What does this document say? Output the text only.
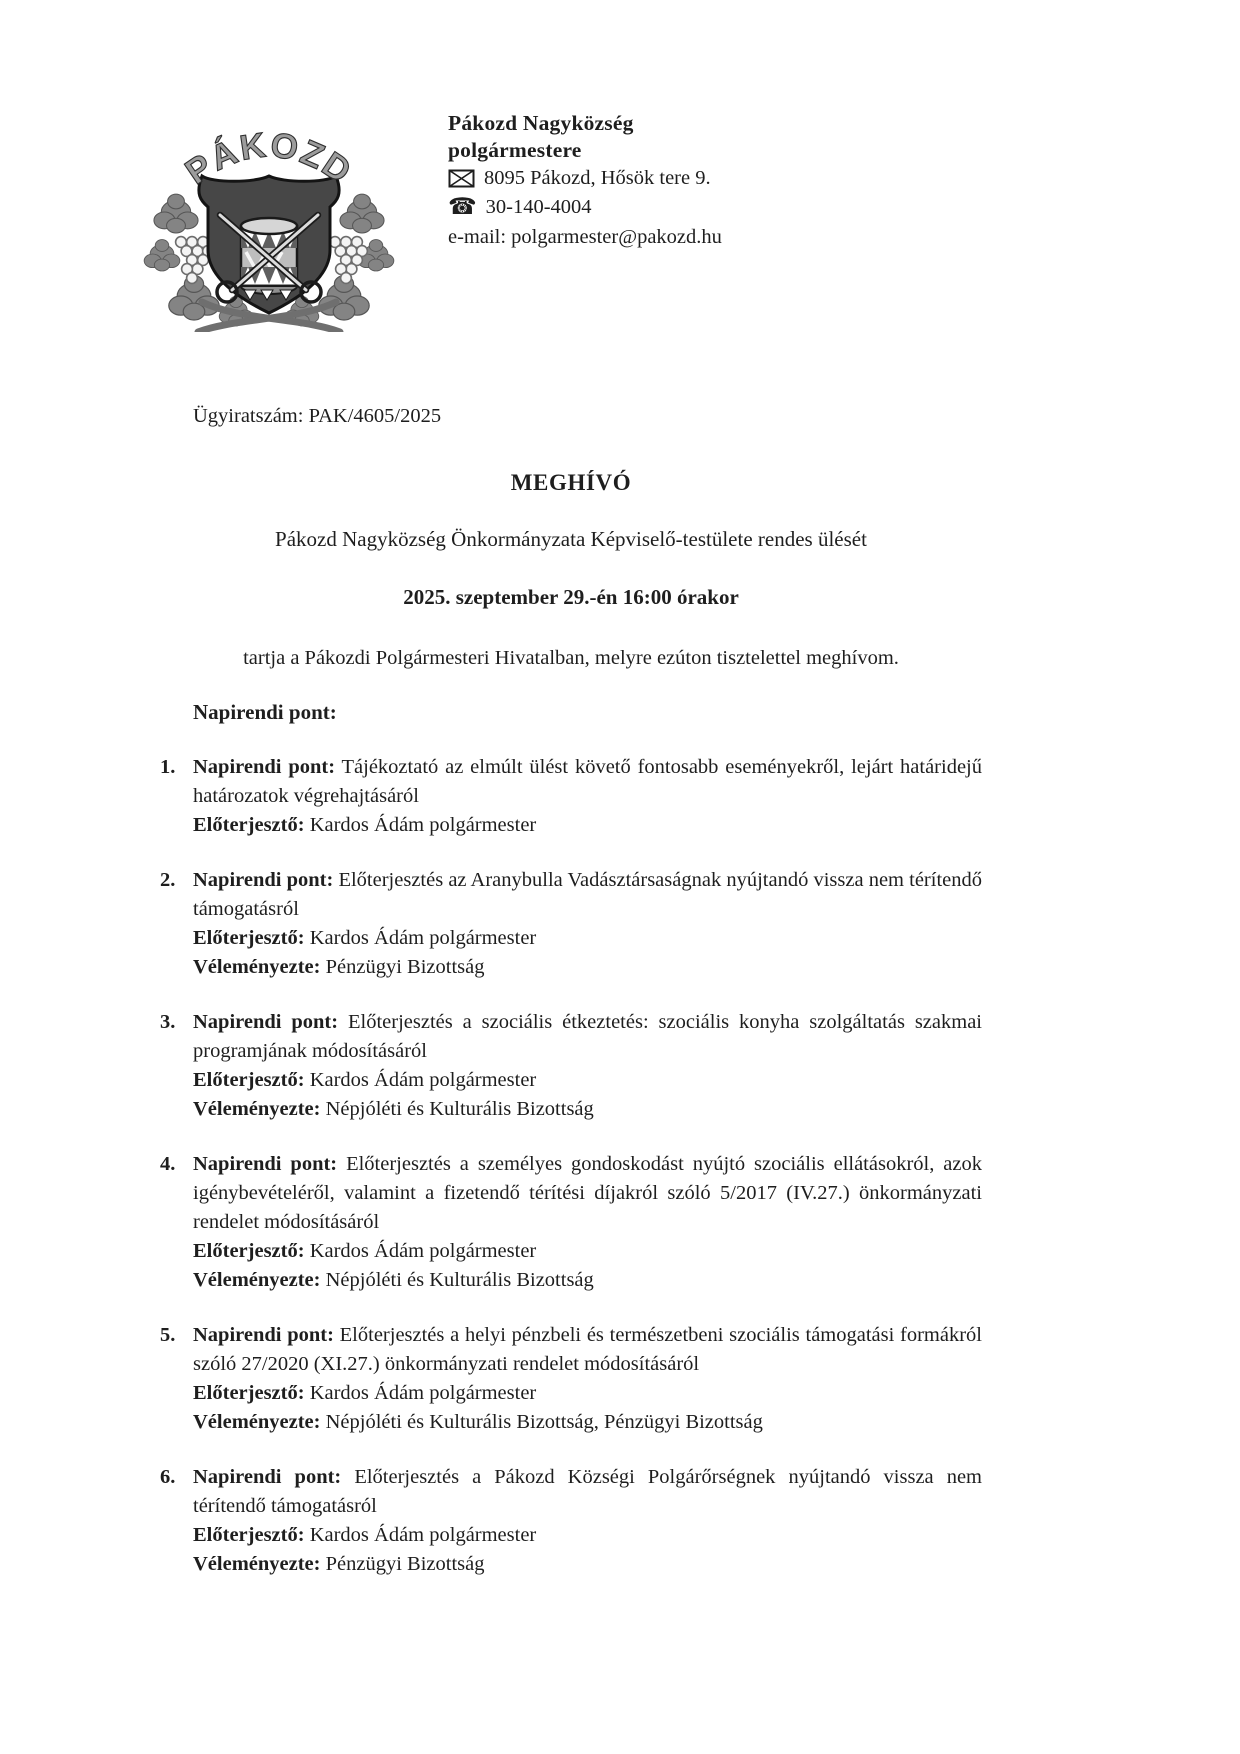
PÁKOZD
Pákozd Nagyközség
polgármestere
8095 Pákozd, Hősök tere 9.
☎ 30-140-4004
e-mail: polgarmester@pakozd.hu
Ügyiratszám: PAK/4605/2025
MEGHÍVÓ

Pákozd Nagyközség Önkormányzata Képviselő-testülete rendes ülését

2025. szeptember 29.-én 16:00 órakor

tartja a Pákozdi Polgármesteri Hivatalban, melyre ezúton tisztelettel meghívom.

Napirendi pont:
1. Napirendi pont: Tájékoztató az elmúlt ülést követő fontosabb eseményekről, lejárt határidejű határozatok végrehajtásáról

Előterjesztő: Kardos Ádám polgármester

2. Napirendi pont: Előterjesztés az Aranybulla Vadásztársaságnak nyújtandó vissza nem térítendő támogatásról

Előterjesztő: Kardos Ádám polgármester

Véleményezte: Pénzügyi Bizottság

3. Napirendi pont: Előterjesztés a szociális étkeztetés: szociális konyha szolgáltatás szakmai programjának módosításáról

Előterjesztő: Kardos Ádám polgármester

Véleményezte: Népjóléti és Kulturális Bizottság

4. Napirendi pont: Előterjesztés a személyes gondoskodást nyújtó szociális ellátásokról, azok igénybevételéről, valamint a fizetendő térítési díjakról szóló 5/2017 (IV.27.) önkormányzati rendelet módosításáról

Előterjesztő: Kardos Ádám polgármester

Véleményezte: Népjóléti és Kulturális Bizottság

5. Napirendi pont: Előterjesztés a helyi pénzbeli és természetbeni szociális támogatási formákról szóló 27/2020 (XI.27.) önkormányzati rendelet módosításáról

Előterjesztő: Kardos Ádám polgármester

Véleményezte: Népjóléti és Kulturális Bizottság, Pénzügyi Bizottság

6. Napirendi pont: Előterjesztés a Pákozd Községi Polgárőrségnek nyújtandó vissza nem térítendő támogatásról

Előterjesztő: Kardos Ádám polgármester

Véleményezte: Pénzügyi Bizottság
